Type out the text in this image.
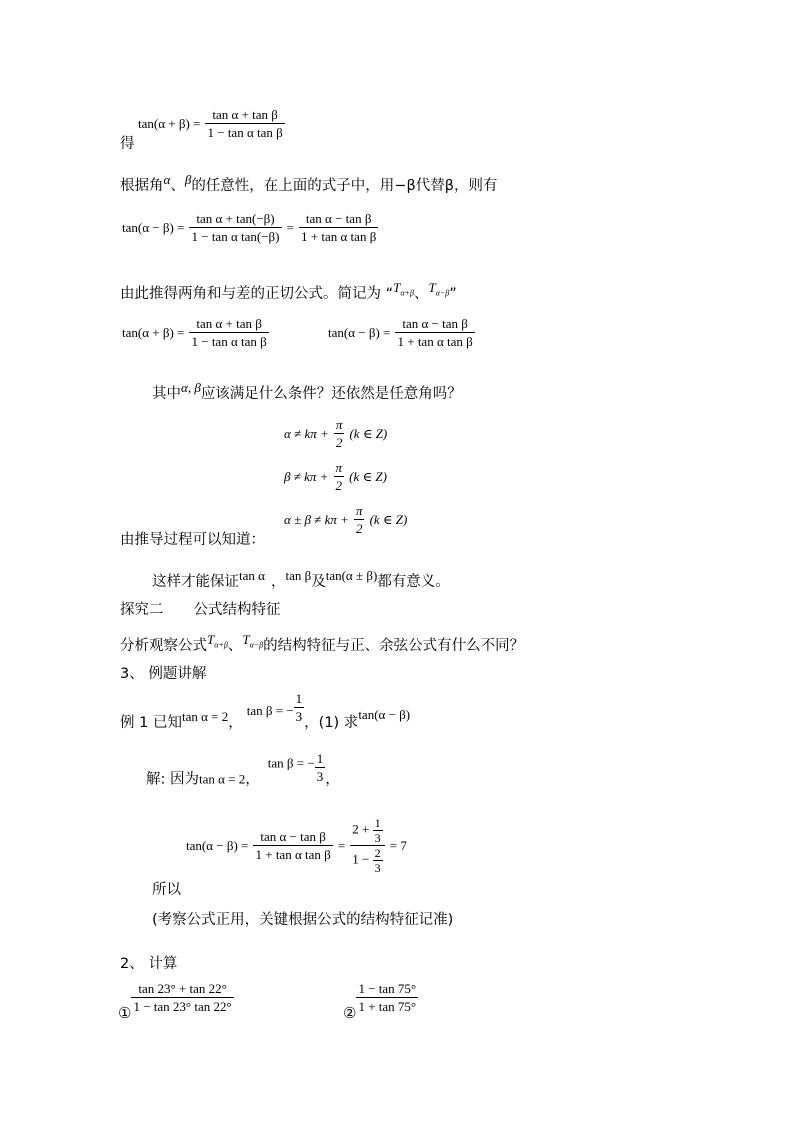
$\tan(\alpha + \beta) = \frac{\text{tan α + tan β}}{\text{1 − tan α tan β}}$
得
根据角α、β的任意性，在上面的式子中，用−β代替β，则有
$\tan(\alpha - \beta) = \frac{\text{tan α + tan(−β)}}{\text{1 − tan α tan(−β)}} = \frac{\text{tan α − tan β}}{\text{1 + tan α tan β}}$
由此推得两角和与差的正切公式。简记为 “$T_{\alpha+\beta}$、$T_{\alpha-\beta}$”
$\tan(\alpha + \beta) = \frac{\text{tan α + tan β}}{\text{1 − tan α tan β}}$	$\tan(\alpha - \beta) = \frac{\text{tan α − tan β}}{\text{1 + tan α tan β}}$
其中α, β应该满足什么条件？还依然是任意角吗？
$\alpha \ne k\pi + \frac{\pi}{2} (k$ ∈ Z)
$\beta \ne k\pi + \frac{\pi}{2} (k$ ∈ Z)
$\alpha \pm \beta \ne k\pi + \frac{\pi}{2} (k$ ∈ Z)
由推导过程可以知道：
这样才能保证tan α ，tan β及tan(α ± β)都有意义。
探究二 公式结构特征
分析观察公式$T_{\alpha+\beta}$、$T_{\alpha-\beta}$的结构特征与正、余弦公式有什么不同？
3、 例题讲解
例 1 已知tan α = 2，tan β = − $\frac{1}{3}$ ，(1) 求tan(α − β)
解: 因为tan α = 2，tan β = − $\frac{1}{3}$ ，
$\tan(\alpha - \beta) = \frac{\text{tan α − tan β}}{\text{1 + tan α tan β}} = \frac{2 + \frac{1}{3}}{1 - \frac{2}{3}} = 7$
所以
(考察公式正用，关键根据公式的结构特征记准)
2、 计算
① $\frac{\tan 23^\circ + \tan 22^\circ}{1 - \tan 23^\circ \tan 22^\circ}$	② $\frac{1 - \tan 75^\circ}{1 + \tan 75^\circ}$
